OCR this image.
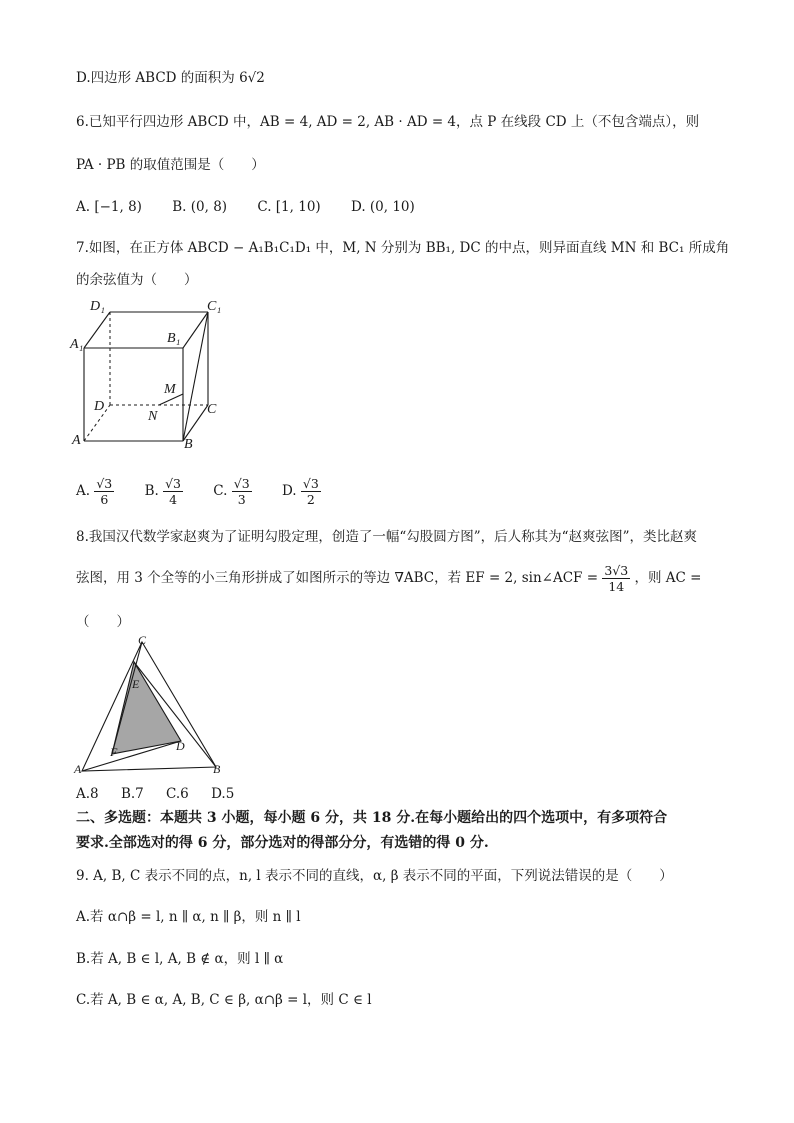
D.四边形 ABCD 的面积为 6√2
6.已知平行四边形 ABCD 中，AB = 4, AD = 2, AB · AD = 4，点 P 在线段 CD 上（不包含端点），则
PA · PB 的取值范围是（　　）
A. [−1, 8) B. (0, 8) C. [1, 10) D. (0, 10)
7.如图，在正方体 ABCD − A₁B₁C₁D₁ 中，M, N 分别为 BB₁, DC 的中点，则异面直线 MN 和 BC₁ 所成角
的余弦值为（　　）
D₁	C₁
A₁	B₁
M
D	C
N
A	B
A. $\frac{√3}{6} B$. $\frac{√3}{4} C$. $\frac{√3}{3} D$. $\frac{√3}{2}$
8.我国汉代数学家赵爽为了证明勾股定理，创造了一幅“勾股圆方图”，后人称其为“赵爽弦图”，类比赵爽
弦图，用 3 个全等的小三角形拼成了如图所示的等边 ∇ABC，若 EF = 2, sin∠ACF = $\frac{3√3}{14}$ ，则 AC =
（　　）
C
E
F	D
A	B
A.8 B.7 C.6 D.5
二、多选题：本题共 3 小题，每小题 6 分，共 18 分.在每小题给出的四个选项中，有多项符合
要求.全部选对的得 6 分，部分选对的得部分分，有选错的得 0 分.
9. A, B, C 表示不同的点，n, l 表示不同的直线，α, β 表示不同的平面，下列说法错误的是（　　）
A.若 α∩β = l, n ∥ α, n ∥ β，则 n ∥ l
B.若 A, B ∈ l, A, B ∉ α，则 l ∥ α
C.若 A, B ∈ α, A, B, C ∈ β, α∩β = l，则 C ∈ l
